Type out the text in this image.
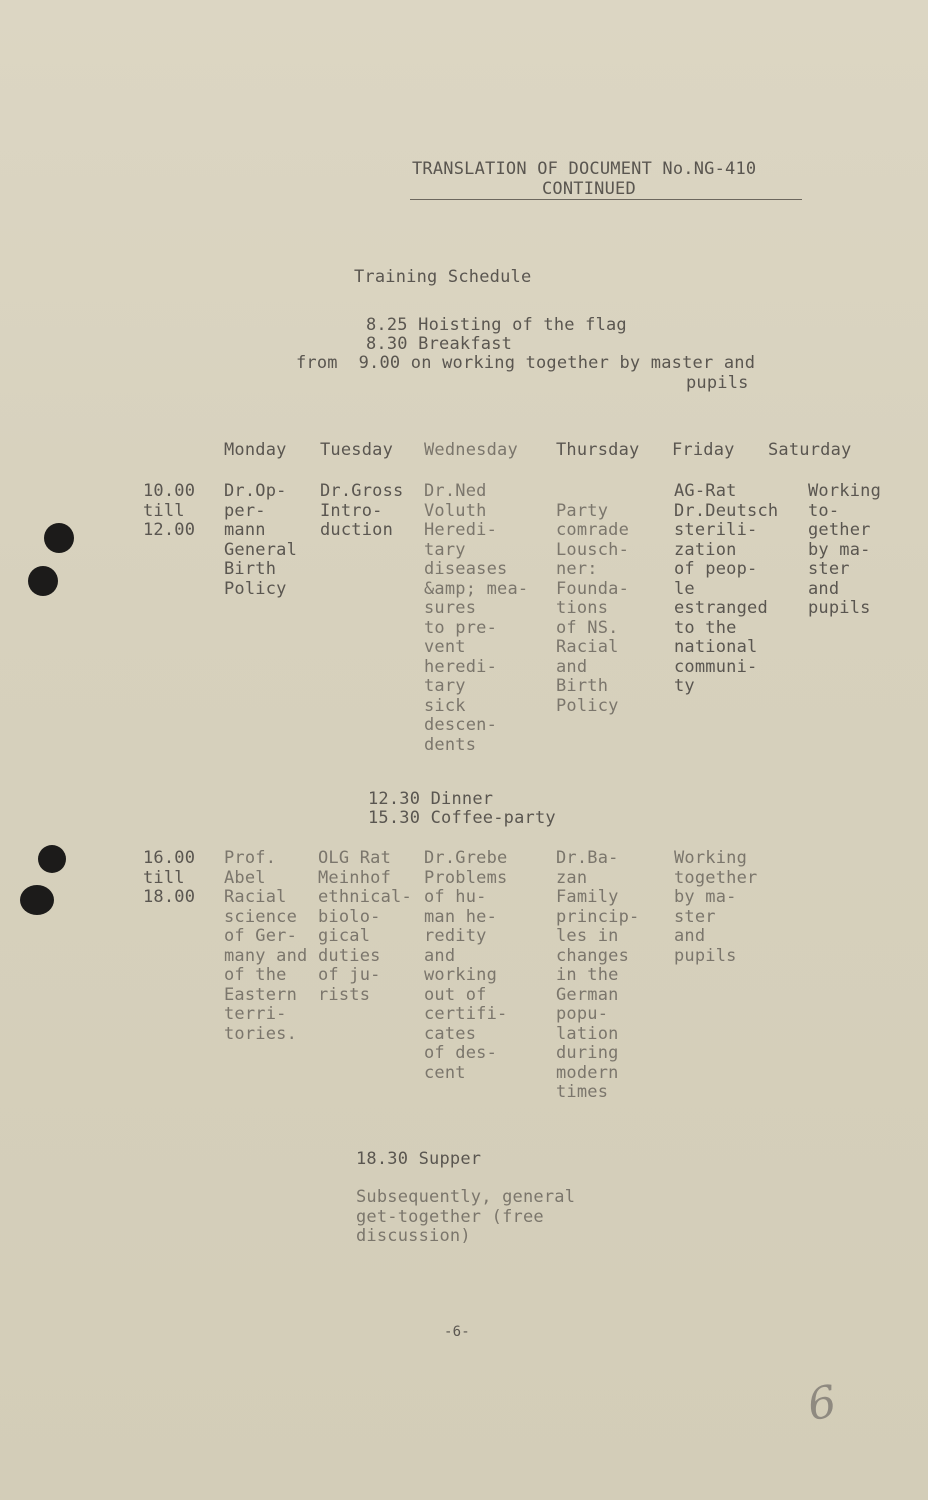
TRANSLATION OF DOCUMENT No.NG-410
CONTINUED
Training Schedule
8.25 Hoisting of the flag
8.30 Breakfast
from  9.00 on working together by master and
pupils
Monday Tuesday Wednesday Thursday Friday Saturday
10.00
till
12.00
Dr.Op-
per-
mann
General
Birth
Policy
Dr.Gross
Intro-
duction
Dr.Ned
Voluth
Heredi-
tary
diseases
&amp; mea-
sures
to pre-
vent
heredi-
tary
sick
descen-
dents

Party
comrade
Lousch-
ner:
Founda-
tions
of NS.
Racial
and
Birth
Policy
AG-Rat
Dr.Deutsch
sterili-
zation
of peop-
le
estranged
to the
national
communi-
ty
Working
to-
gether
by ma-
ster
and
pupils
12.30 Dinner
15.30 Coffee-party
16.00
till
18.00
Prof.
Abel
Racial
science
of Ger-
many and
of the
Eastern
terri-
tories.
OLG Rat
Meinhof
ethnical-
biolo-
gical
duties
of ju-
rists
Dr.Grebe
Problems
of hu-
man he-
redity
and
working
out of
certifi-
cates
of des-
cent
Dr.Ba-
zan
Family
princip-
les in
changes
in the
German
popu-
lation
during
modern
times
Working
together
by ma-
ster
and
pupils
18.30 Supper
Subsequently, general
get-together (free
discussion)
-6-
6
